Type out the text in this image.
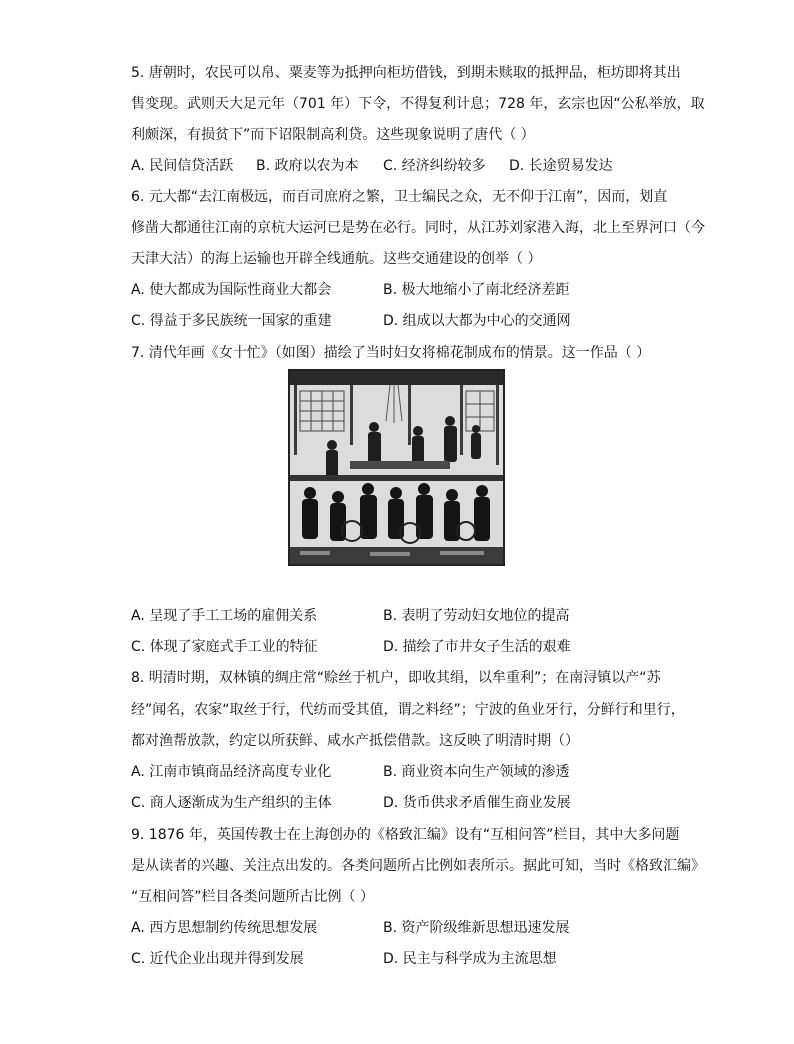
5. 唐朝时，农民可以帛、粟麦等为抵押向柜坊借钱，到期未赎取的抵押品，柜坊即将其出
售变现。武则天大足元年（701 年）下令，不得复利计息；728 年，玄宗也因“公私举放，取
利颇深，有损贫下”而下诏限制高利贷。这些现象说明了唐代（ ）
A. 民间信贷活跃 B. 政府以农为本 C. 经济纠纷较多 D. 长途贸易发达
6. 元大都“去江南极远，而百司庶府之繁，卫士编民之众，无不仰于江南”，因而，划直
修凿大都通往江南的京杭大运河已是势在必行。同时，从江苏刘家港入海，北上至界河口（今
天津大沽）的海上运输也开辟全线通航。这些交通建设的创举（ ）
A. 使大都成为国际性商业大都会	B. 极大地缩小了南北经济差距
C. 得益于多民族统一国家的重建	D. 组成以大都为中心的交通网
7. 清代年画《女十忙》（如图）描绘了当时妇女将棉花制成布的情景。这一作品（ ）
A. 呈现了手工工场的雇佣关系	B. 表明了劳动妇女地位的提高
C. 体现了家庭式手工业的特征	D. 描绘了市井女子生活的艰难
8. 明清时期，双林镇的绸庄常“赊丝于机户，即收其绢，以牟重利”；在南浔镇以产“苏
经”闻名，农家“取丝于行，代纺而受其值，谓之料经”；宁波的鱼业牙行，分鲜行和里行，
都对渔帮放款，约定以所获鲜、咸水产抵偿借款。这反映了明清时期（）
A. 江南市镇商品经济高度专业化	B. 商业资本向生产领域的渗透
C. 商人逐渐成为生产组织的主体	D. 货币供求矛盾催生商业发展
9. 1876 年，英国传教士在上海创办的《格致汇编》设有“互相问答”栏目，其中大多问题
是从读者的兴趣、关注点出发的。各类问题所占比例如表所示。据此可知，当时《格致汇编》
“互相问答”栏目各类问题所占比例（ ）
A. 西方思想制约传统思想发展	B. 资产阶级维新思想迅速发展
C. 近代企业出现并得到发展	D. 民主与科学成为主流思想
